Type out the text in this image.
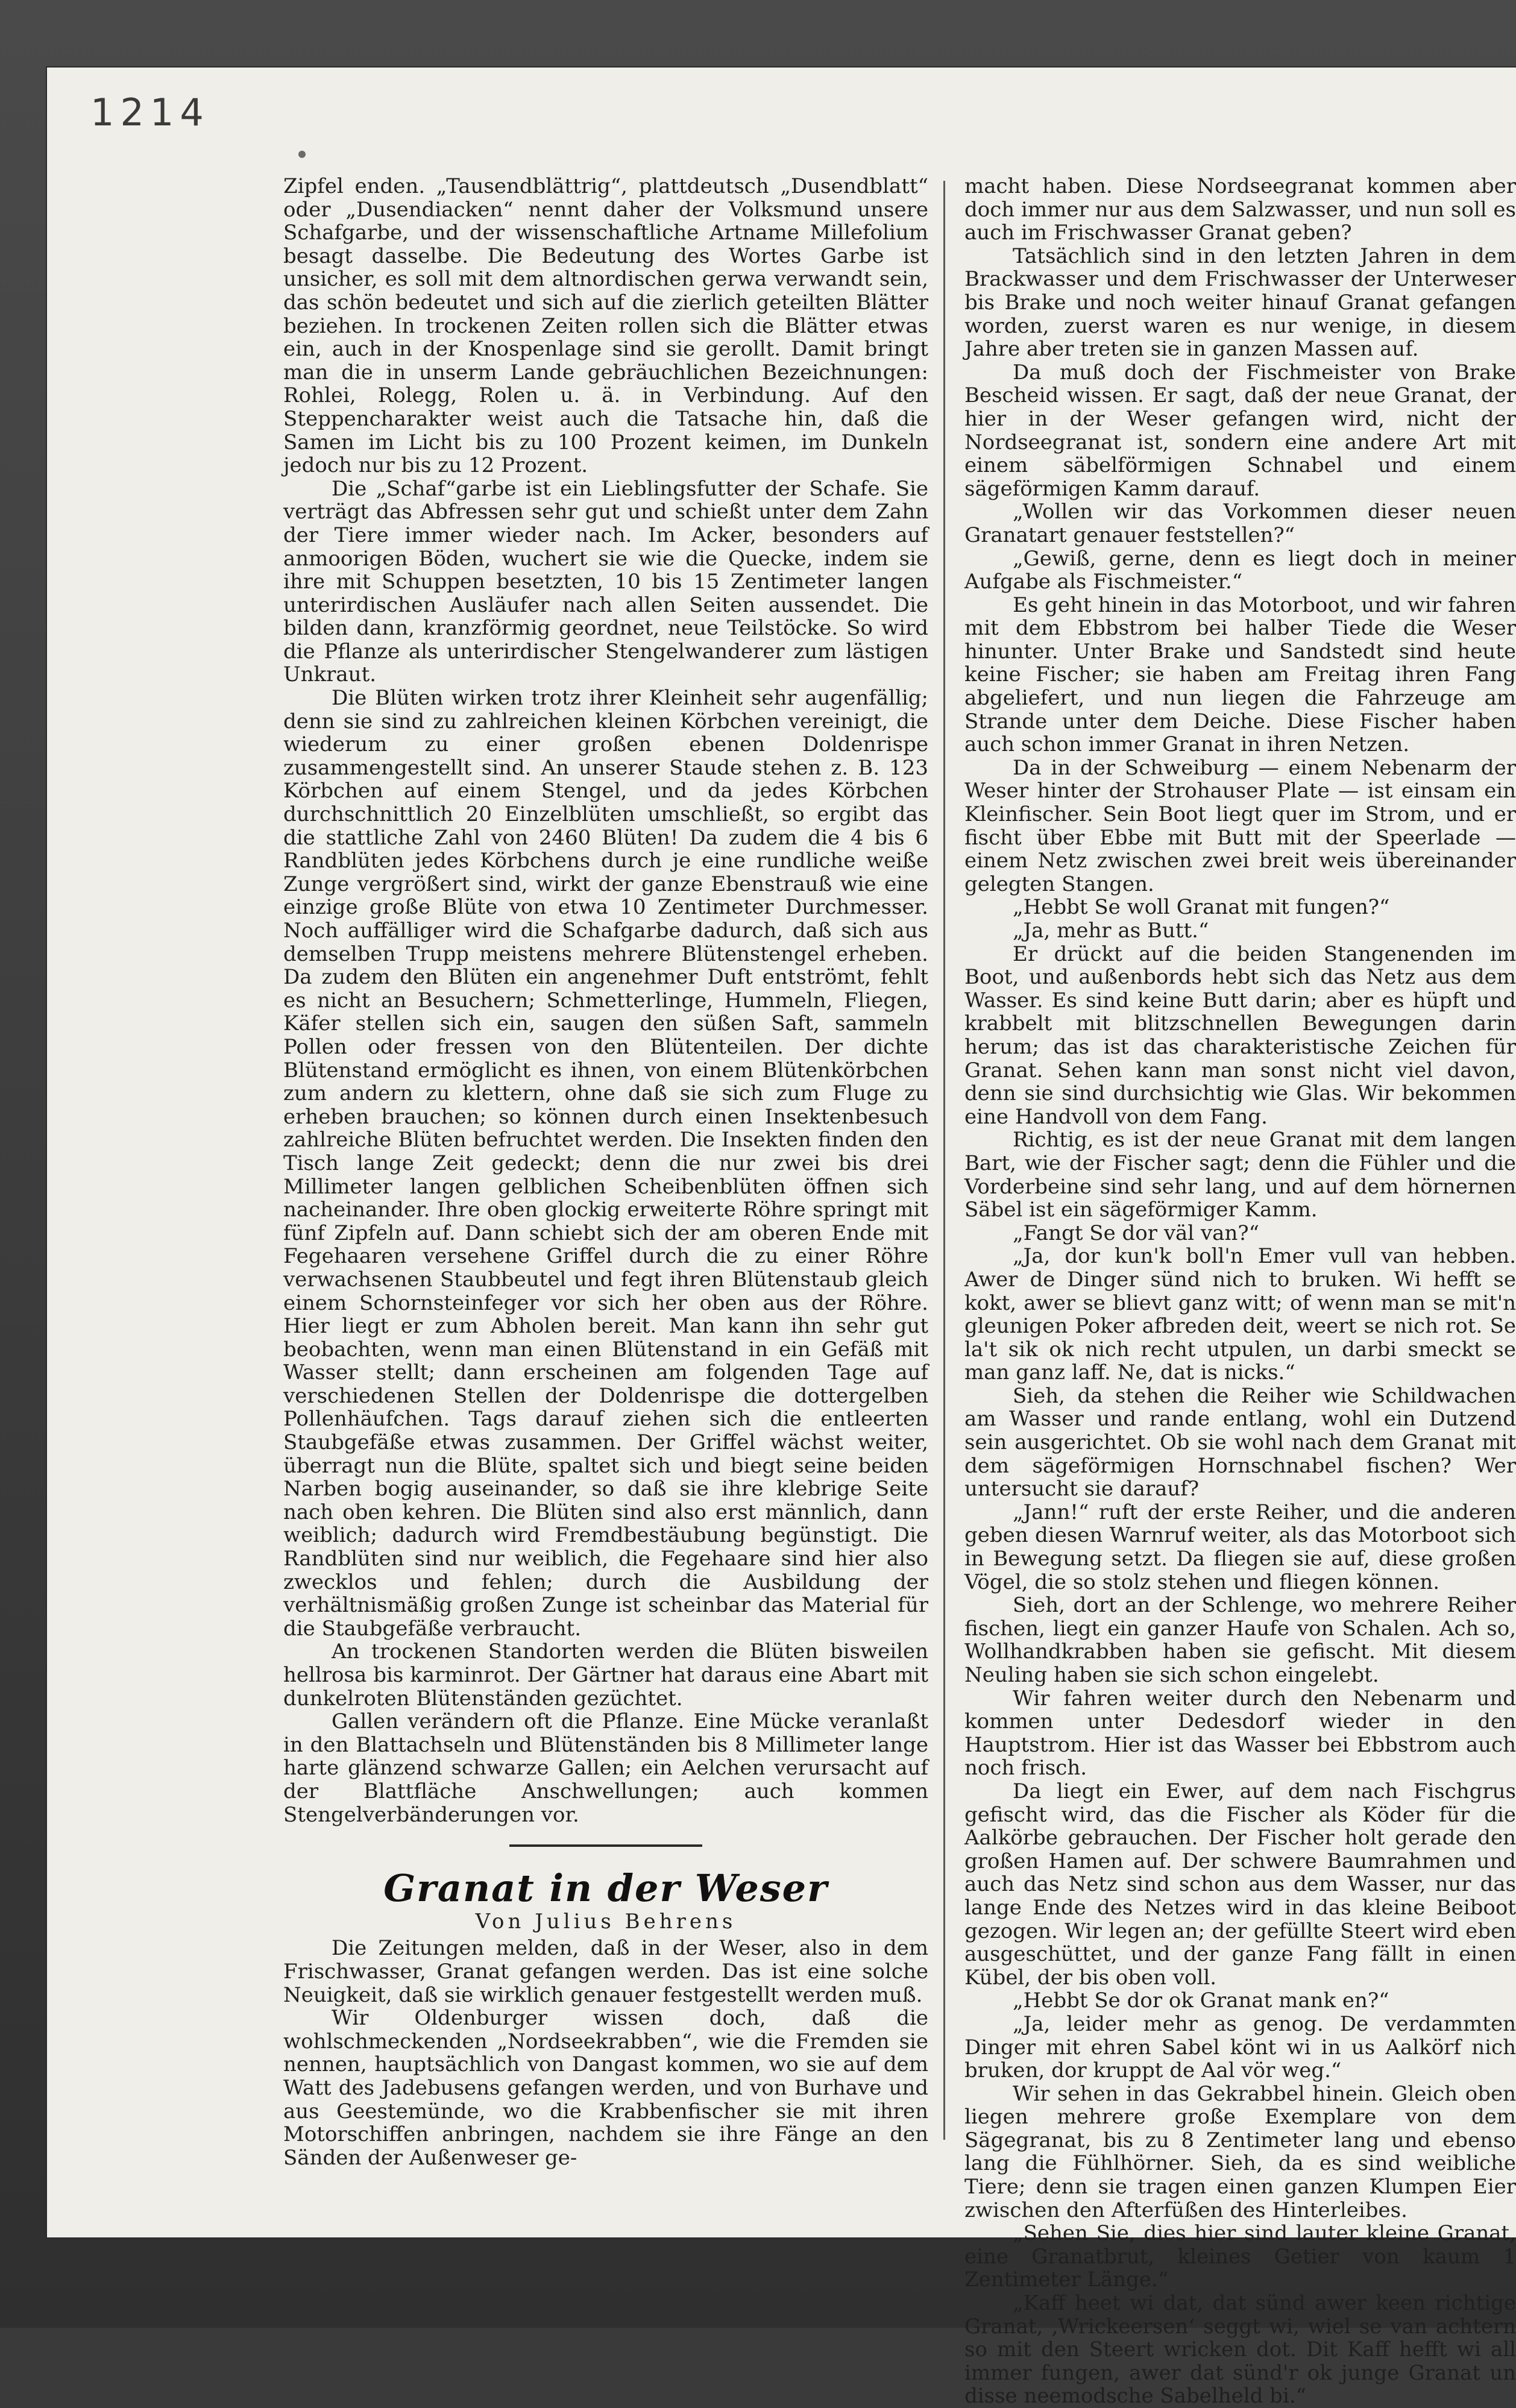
1214

Zipfel enden. „Tausendblättrig“, plattdeutsch „Dusendblatt“ oder „Dusendiacken“ nennt daher der Volksmund unsere Schafgarbe, und der wissenschaftliche Artname Millefolium besagt dasselbe. Die Bedeutung des Wortes Garbe ist unsicher, es soll mit dem altnordischen gerwa verwandt sein, das schön bedeutet und sich auf die zierlich geteilten Blätter beziehen. In trockenen Zeiten rollen sich die Blätter etwas ein, auch in der Knospenlage sind sie gerollt. Damit bringt man die in unserm Lande gebräuchlichen Bezeichnungen: Rohlei, Rolegg, Rolen u. ä. in Verbindung. Auf den Steppencharakter weist auch die Tatsache hin, daß die Samen im Licht bis zu 100 Prozent keimen, im Dunkeln jedoch nur bis zu 12 Prozent.

Die „Schaf“garbe ist ein Lieblingsfutter der Schafe. Sie verträgt das Abfressen sehr gut und schießt unter dem Zahn der Tiere immer wieder nach. Im Acker, besonders auf anmoorigen Böden, wuchert sie wie die Quecke, indem sie ihre mit Schuppen besetzten, 10 bis 15 Zentimeter langen unterirdischen Ausläufer nach allen Seiten aussendet. Die bilden dann, kranzförmig geordnet, neue Teilstöcke. So wird die Pflanze als unterirdischer Stengelwanderer zum lästigen Unkraut.

Die Blüten wirken trotz ihrer Kleinheit sehr augenfällig; denn sie sind zu zahlreichen kleinen Körbchen vereinigt, die wiederum zu einer großen ebenen Doldenrispe zusammengestellt sind. An unserer Staude stehen z. B. 123 Körbchen auf einem Stengel, und da jedes Körbchen durchschnittlich 20 Einzelblüten umschließt, so ergibt das die stattliche Zahl von 2460 Blüten! Da zudem die 4 bis 6 Randblüten jedes Körbchens durch je eine rundliche weiße Zunge vergrößert sind, wirkt der ganze Ebenstrauß wie eine einzige große Blüte von etwa 10 Zentimeter Durchmesser. Noch auffälliger wird die Schafgarbe dadurch, daß sich aus demselben Trupp meistens mehrere Blütenstengel erheben. Da zudem den Blüten ein angenehmer Duft entströmt, fehlt es nicht an Besuchern; Schmetterlinge, Hummeln, Fliegen, Käfer stellen sich ein, saugen den süßen Saft, sammeln Pollen oder fressen von den Blütenteilen. Der dichte Blütenstand ermöglicht es ihnen, von einem Blütenkörbchen zum andern zu klettern, ohne daß sie sich zum Fluge zu erheben brauchen; so können durch einen Insektenbesuch zahlreiche Blüten befruchtet werden. Die Insekten finden den Tisch lange Zeit gedeckt; denn die nur zwei bis drei Millimeter langen gelblichen Scheibenblüten öffnen sich nacheinander. Ihre oben glockig erweiterte Röhre springt mit fünf Zipfeln auf. Dann schiebt sich der am oberen Ende mit Fegehaaren versehene Griffel durch die zu einer Röhre verwachsenen Staubbeutel und fegt ihren Blütenstaub gleich einem Schornsteinfeger vor sich her oben aus der Röhre. Hier liegt er zum Abholen bereit. Man kann ihn sehr gut beobachten, wenn man einen Blütenstand in ein Gefäß mit Wasser stellt; dann erscheinen am folgenden Tage auf verschiedenen Stellen der Doldenrispe die dottergelben Pollenhäufchen. Tags darauf ziehen sich die entleerten Staubgefäße etwas zusammen. Der Griffel wächst weiter, überragt nun die Blüte, spaltet sich und biegt seine beiden Narben bogig auseinander, so daß sie ihre klebrige Seite nach oben kehren. Die Blüten sind also erst männlich, dann weiblich; dadurch wird Fremdbestäubung begünstigt. Die Randblüten sind nur weiblich, die Fegehaare sind hier also zwecklos und fehlen; durch die Ausbildung der verhältnismäßig großen Zunge ist scheinbar das Material für die Staubgefäße verbraucht.

An trockenen Standorten werden die Blüten bisweilen hellrosa bis karminrot. Der Gärtner hat daraus eine Abart mit dunkelroten Blütenständen gezüchtet.

Gallen verändern oft die Pflanze. Eine Mücke veranlaßt in den Blattachseln und Blütenständen bis 8 Millimeter lange harte glänzend schwarze Gallen; ein Aelchen verursacht auf der Blattfläche Anschwellungen; auch kommen Stengelverbänderungen vor.

Granat in der Weser
Von Julius Behrens

Die Zeitungen melden, daß in der Weser, also in dem Frischwasser, Granat gefangen werden. Das ist eine solche Neuigkeit, daß sie wirklich genauer festgestellt werden muß.

Wir Oldenburger wissen doch, daß die wohlschmeckenden „Nordseekrabben“, wie die Fremden sie nennen, hauptsächlich von Dangast kommen, wo sie auf dem Watt des Jadebusens gefangen werden, und von Burhave und aus Geestemünde, wo die Krabbenfischer sie mit ihren Motorschiffen anbringen, nachdem sie ihre Fänge an den Sänden der Außenweser ge-

macht haben. Diese Nordseegranat kommen aber doch immer nur aus dem Salzwasser, und nun soll es auch im Frischwasser Granat geben?

Tatsächlich sind in den letzten Jahren in dem Brackwasser und dem Frischwasser der Unterweser bis Brake und noch weiter hinauf Granat gefangen worden, zuerst waren es nur wenige, in diesem Jahre aber treten sie in ganzen Massen auf.

Da muß doch der Fischmeister von Brake Bescheid wissen. Er sagt, daß der neue Granat, der hier in der Weser gefangen wird, nicht der Nordseegranat ist, sondern eine andere Art mit einem säbelförmigen Schnabel und einem sägeförmigen Kamm darauf.

„Wollen wir das Vorkommen dieser neuen Granatart genauer feststellen?“

„Gewiß, gerne, denn es liegt doch in meiner Aufgabe als Fischmeister.“

Es geht hinein in das Motorboot, und wir fahren mit dem Ebbstrom bei halber Tiede die Weser hinunter. Unter Brake und Sandstedt sind heute keine Fischer; sie haben am Freitag ihren Fang abgeliefert, und nun liegen die Fahrzeuge am Strande unter dem Deiche. Diese Fischer haben auch schon immer Granat in ihren Netzen.

Da in der Schweiburg — einem Nebenarm der Weser hinter der Strohauser Plate — ist einsam ein Kleinfischer. Sein Boot liegt quer im Strom, und er fischt über Ebbe mit Butt mit der Speerlade — einem Netz zwischen zwei breit weis übereinander gelegten Stangen.

„Hebbt Se woll Granat mit fungen?“

„Ja, mehr as Butt.“

Er drückt auf die beiden Stangenenden im Boot, und außenbords hebt sich das Netz aus dem Wasser. Es sind keine Butt darin; aber es hüpft und krabbelt mit blitzschnellen Bewegungen darin herum; das ist das charakteristische Zeichen für Granat. Sehen kann man sonst nicht viel davon, denn sie sind durchsichtig wie Glas. Wir bekommen eine Handvoll von dem Fang.

Richtig, es ist der neue Granat mit dem langen Bart, wie der Fischer sagt; denn die Fühler und die Vorderbeine sind sehr lang, und auf dem hörnernen Säbel ist ein sägeförmiger Kamm.

„Fangt Se dor väl van?“

„Ja, dor kun'k boll'n Emer vull van hebben. Awer de Dinger sünd nich to bruken. Wi hefft se kokt, awer se blievt ganz witt; of wenn man se mit'n gleunigen Poker afbreden deit, weert se nich rot. Se la't sik ok nich recht utpulen, un darbi smeckt se man ganz laff. Ne, dat is nicks.“

Sieh, da stehen die Reiher wie Schildwachen am Wasser und rande entlang, wohl ein Dutzend sein ausgerichtet. Ob sie wohl nach dem Granat mit dem sägeförmigen Hornschnabel fischen? Wer untersucht sie darauf?

„Jann!“ ruft der erste Reiher, und die anderen geben diesen Warnruf weiter, als das Motorboot sich in Bewegung setzt. Da fliegen sie auf, diese großen Vögel, die so stolz stehen und fliegen können.

Sieh, dort an der Schlenge, wo mehrere Reiher fischen, liegt ein ganzer Haufe von Schalen. Ach so, Wollhandkrabben haben sie gefischt. Mit diesem Neuling haben sie sich schon eingelebt.

Wir fahren weiter durch den Nebenarm und kommen unter Dedesdorf wieder in den Hauptstrom. Hier ist das Wasser bei Ebbstrom auch noch frisch.

Da liegt ein Ewer, auf dem nach Fischgrus gefischt wird, das die Fischer als Köder für die Aalkörbe gebrauchen. Der Fischer holt gerade den großen Hamen auf. Der schwere Baumrahmen und auch das Netz sind schon aus dem Wasser, nur das lange Ende des Netzes wird in das kleine Beiboot gezogen. Wir legen an; der gefüllte Steert wird eben ausgeschüttet, und der ganze Fang fällt in einen Kübel, der bis oben voll.

„Hebbt Se dor ok Granat mank en?“

„Ja, leider mehr as genog. De verdammten Dinger mit ehren Sabel könt wi in us Aalkörf nich bruken, dor kruppt de Aal vör weg.“

Wir sehen in das Gekrabbel hinein. Gleich oben liegen mehrere große Exemplare von dem Sägegranat, bis zu 8 Zentimeter lang und ebenso lang die Fühlhörner. Sieh, da es sind weibliche Tiere; denn sie tragen einen ganzen Klumpen Eier zwischen den Afterfüßen des Hinterleibes.

„Sehen Sie, dies hier sind lauter kleine Granat, eine Granatbrut, kleines Getier von kaum 1 Zentimeter Länge.“

„Kaff heet wi dat, dat sünd awer keen richtige Granat, ‚Wrickeersen‘ seggt wi, wiel se van achtern so mit den Steert wricken dot. Dit Kaff hefft wi all immer fungen, awer dat sünd'r ok junge Granat un disse neemodsche Sabelheld bi.“
